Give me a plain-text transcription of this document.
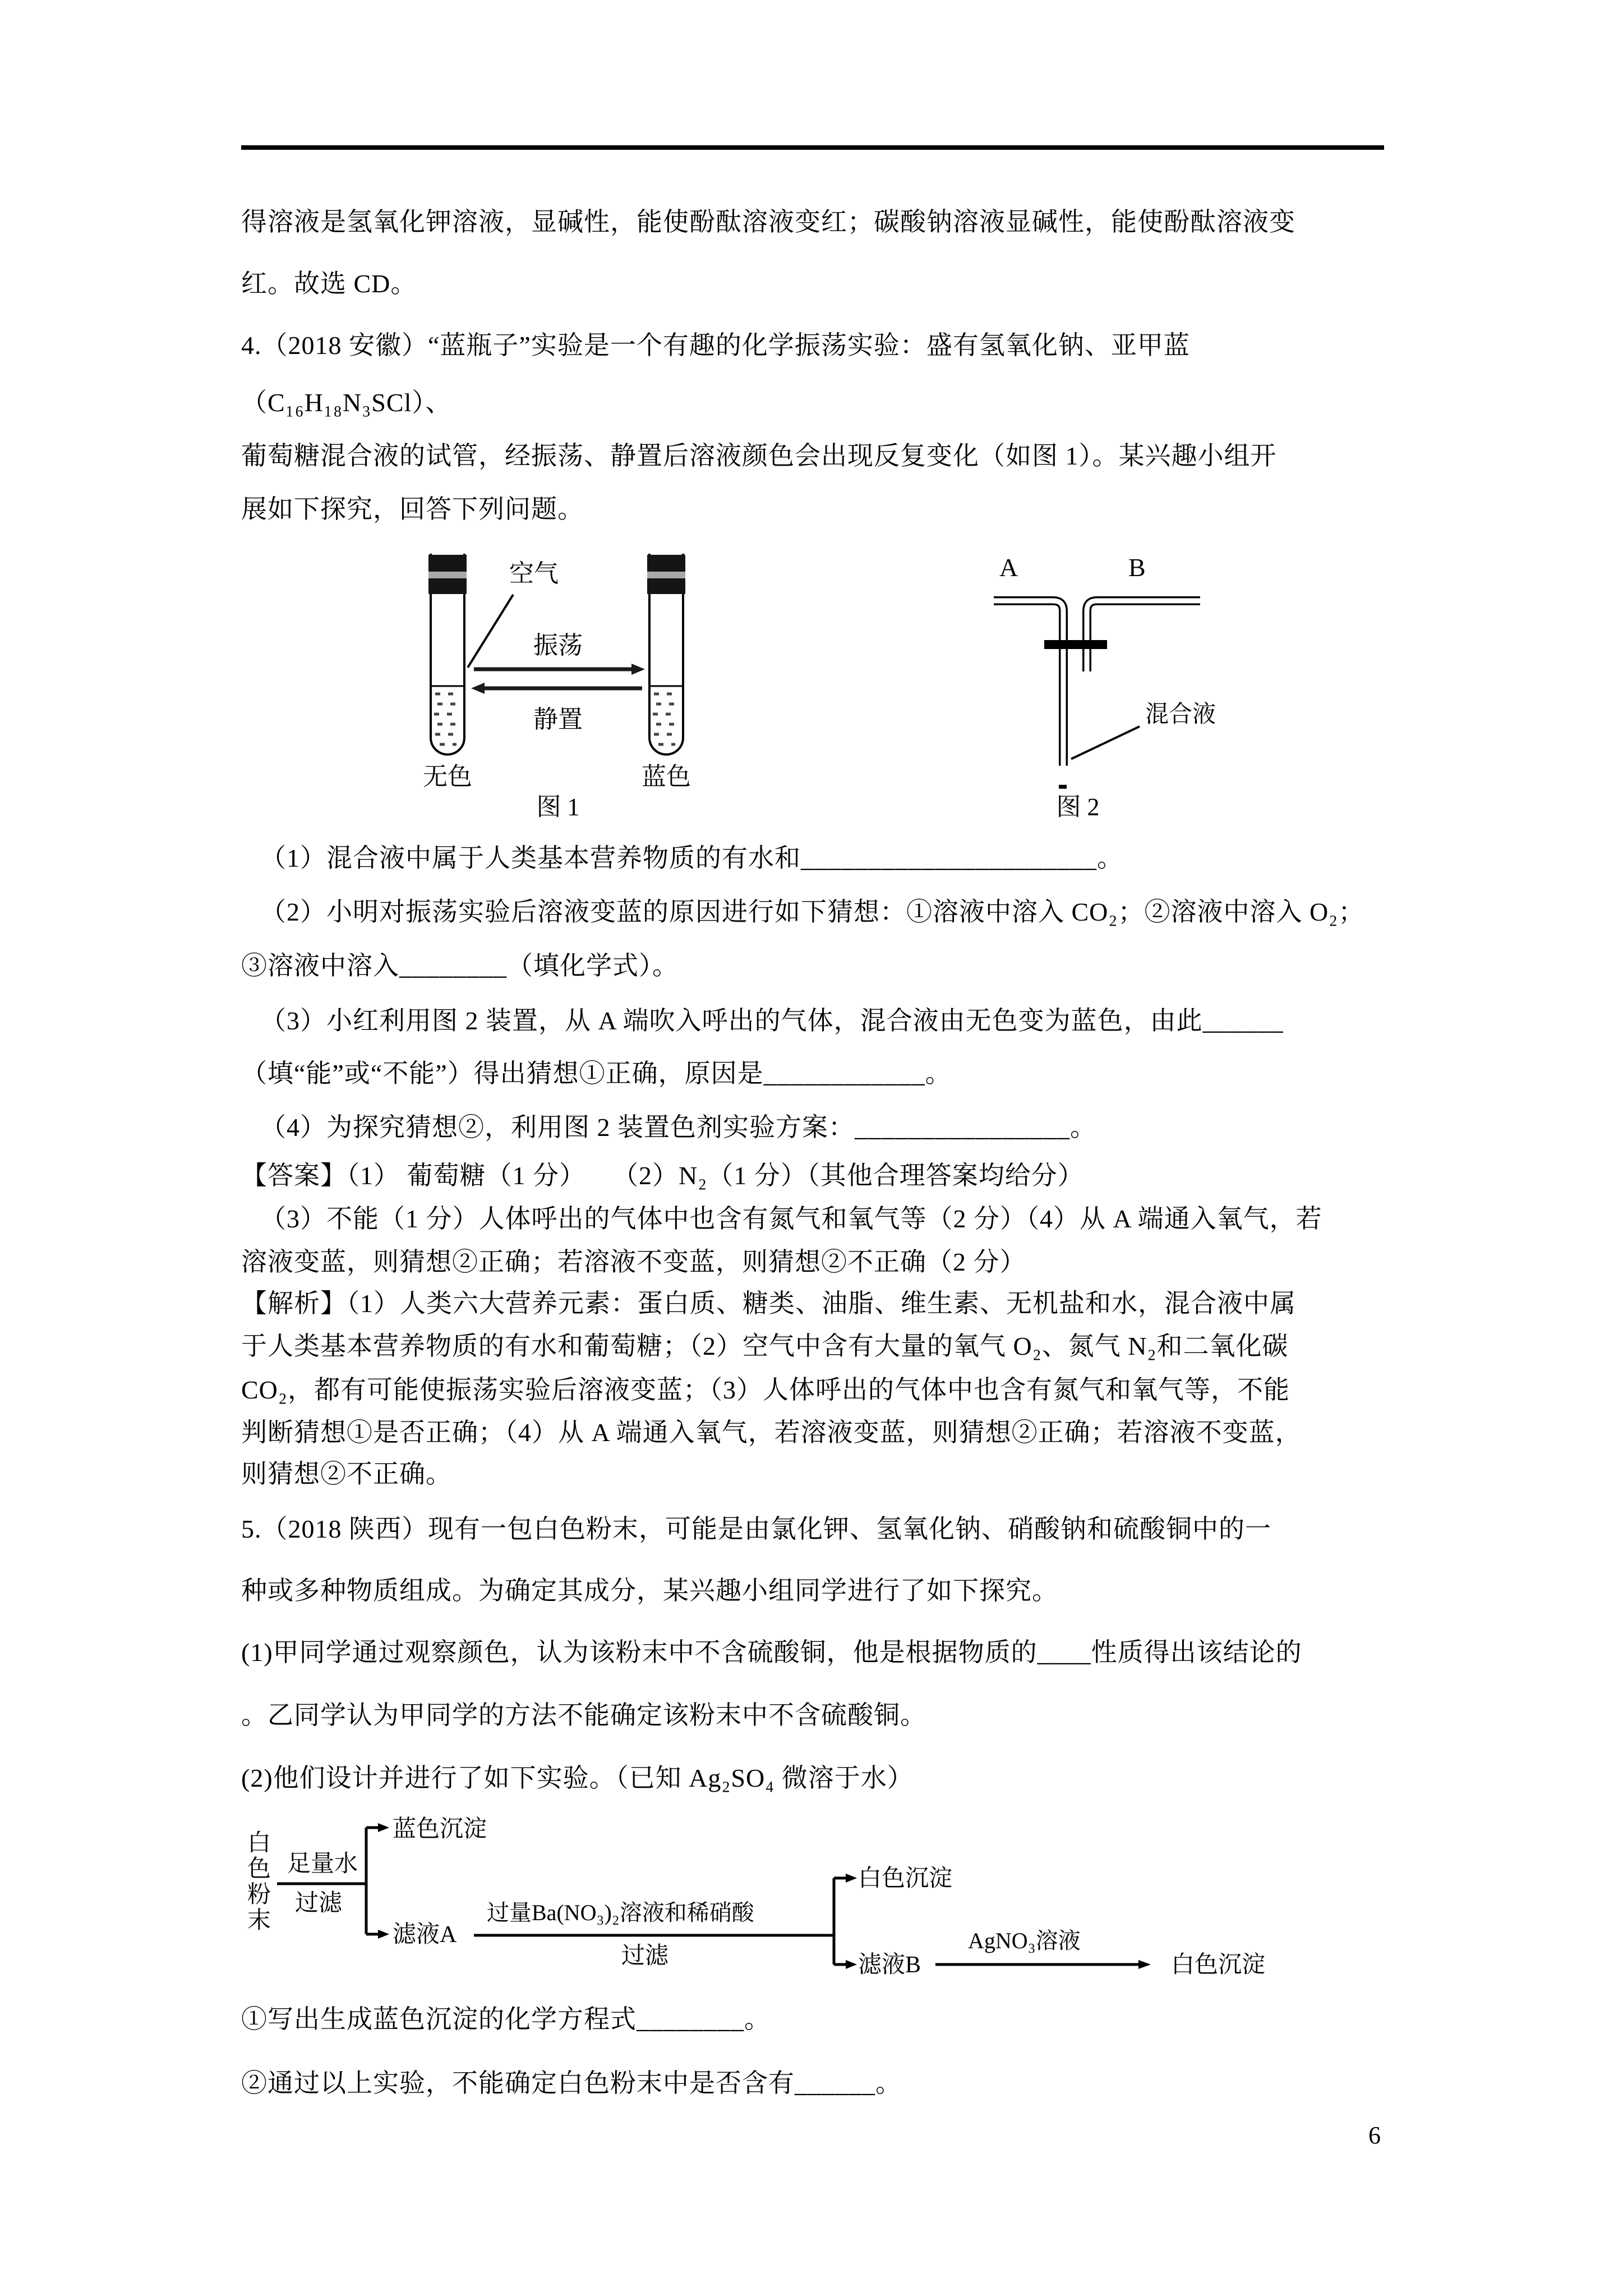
得溶液是氢氧化钾溶液，显碱性，能使酚酞溶液变红；碳酸钠溶液显碱性，能使酚酞溶液变

红。故选 CD。

4.（2018 安徽）“蓝瓶子”实验是一个有趣的化学振荡实验：盛有氢氧化钠、亚甲蓝

（C₁₆H₁₈N₃SCl）、

葡萄糖混合液的试管，经振荡、静置后溶液颜色会出现反复变化（如图 1）。某兴趣小组开

展如下探究，回答下列问题。

（1）混合液中属于人类基本营养物质的有水和______________________。

（2）小明对振荡实验后溶液变蓝的原因进行如下猜想：①溶液中溶入 CO₂；②溶液中溶入 O₂；

③溶液中溶入________（填化学式）。

（3）小红利用图 2 装置，从 A 端吹入呼出的气体，混合液由无色变为蓝色，由此______

（填“能”或“不能”）得出猜想①正确，原因是____________。

（4）为探究猜想②，利用图 2 装置色剂实验方案：________________。

【答案】（1） 葡萄糖（1 分）　　（2）N₂（1 分）（其他合理答案均给分）

（3）不能（1 分）人体呼出的气体中也含有氮气和氧气等（2 分）（4）从 A 端通入氧气，若

溶液变蓝，则猜想②正确；若溶液不变蓝，则猜想②不正确（2 分）

【解析】（1）人类六大营养元素：蛋白质、糖类、油脂、维生素、无机盐和水，混合液中属

于人类基本营养物质的有水和葡萄糖；（2）空气中含有大量的氧气 O₂、氮气 N₂和二氧化碳

CO₂，都有可能使振荡实验后溶液变蓝；（3）人体呼出的气体中也含有氮气和氧气等，不能

判断猜想①是否正确；（4）从 A 端通入氧气，若溶液变蓝，则猜想②正确；若溶液不变蓝，

则猜想②不正确。

5.（2018 陕西）现有一包白色粉末，可能是由氯化钾、氢氧化钠、硝酸钠和硫酸铜中的一

种或多种物质组成。为确定其成分，某兴趣小组同学进行了如下探究。

(1)甲同学通过观察颜色，认为该粉末中不含硫酸铜，他是根据物质的____性质得出该结论的

。乙同学认为甲同学的方法不能确定该粉末中不含硫酸铜。

(2)他们设计并进行了如下实验。（已知 Ag₂SO₄ 微溶于水）

①写出生成蓝色沉淀的化学方程式________。

②通过以上实验，不能确定白色粉末中是否含有______。

空气
振荡
静置
无色	蓝色
图 1
A	B
混合液
图 2
白色粉末 足量水
过滤
蓝色沉淀
滤液A
过量Ba(NO₃)₂溶液和稀硝酸
过滤
白色沉淀
滤液B
AgNO₃溶液
白色沉淀
6
